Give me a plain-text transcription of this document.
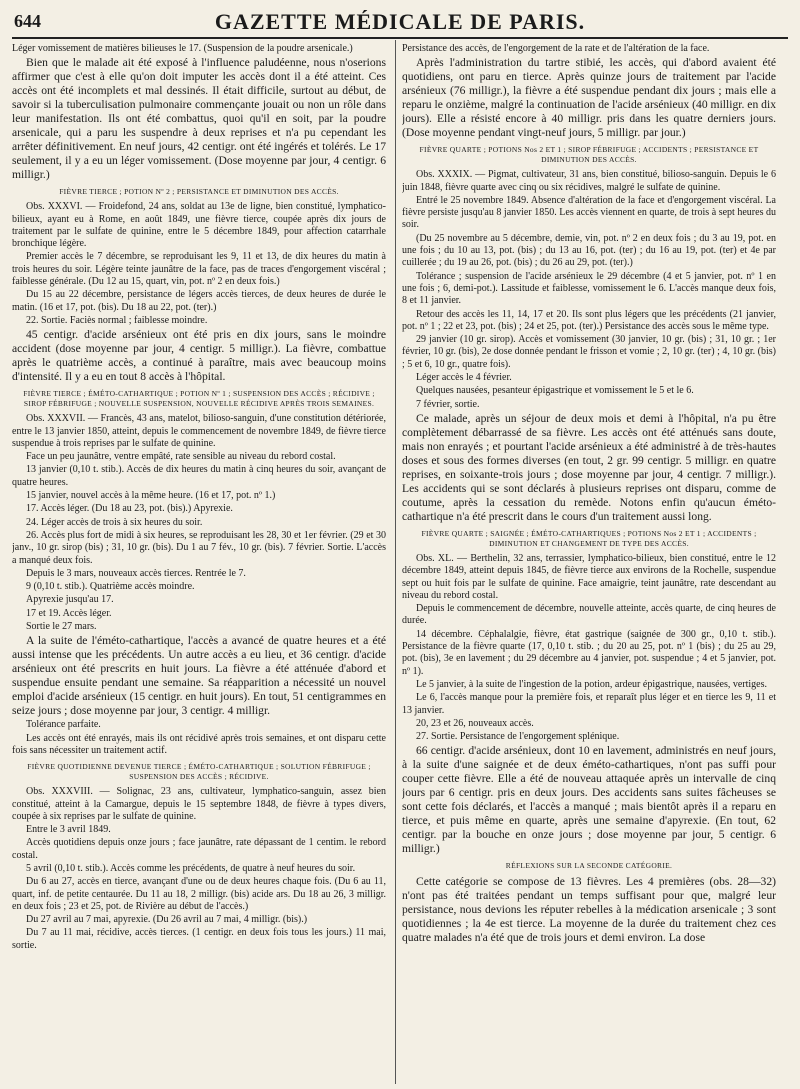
644	GAZETTE MÉDICALE DE PARIS.

Léger vomissement de matières bilieuses le 17. (Suspension de la poudre arsenicale.)

Bien que le malade ait été exposé à l'influence paludéenne, nous n'oserions affirmer que c'est à elle qu'on doit imputer les accès dont il a été atteint. Ces accès ont été incomplets et mal dessinés. Il était difficile, surtout au début, de savoir si la tuberculisation pulmonaire commençante jouait ou non un rôle dans leur manifestation. Ils ont été combattus, quoi qu'il en soit, par la poudre arsenicale, qui a paru les suspendre à deux reprises et n'a pu cependant les arrêter définitivement. En neuf jours, 42 centigr. ont été ingérés et tolérés. Le 17 seulement, il y a eu un léger vomissement. (Dose moyenne par jour, 4 centigr. 6 milligr.)

FIÈVRE TIERCE ; POTION Nº 2 ; PERSISTANCE ET DIMINUTION DES ACCÈS.

Obs. XXXVI. — Froidefond, 24 ans, soldat au 13e de ligne, bien constitué, lymphatico-bilieux, ayant eu à Rome, en août 1849, une fièvre tierce, coupée après dix jours de traitement par le sulfate de quinine, entre le 5 décembre 1849, pour affection catarrhale bronchique légère.

Premier accès le 7 décembre, se reproduisant les 9, 11 et 13, de dix heures du matin à trois heures du soir. Légère teinte jaunâtre de la face, pas de traces d'engorgement viscéral ; faiblesse générale. (Du 12 au 15, quart, vin, pot. nº 2 en deux fois.)

Du 15 au 22 décembre, persistance de légers accès tierces, de deux heures de durée le matin. (16 et 17, pot. (bis). Du 18 au 22, pot. (ter).)

22. Sortie. Faciès normal ; faiblesse moindre.

45 centigr. d'acide arsénieux ont été pris en dix jours, sans le moindre accident (dose moyenne par jour, 4 centigr. 5 milligr.). La fièvre, combattue après le quatrième accès, a continué à paraître, mais avec beaucoup moins d'intensité. Il y a eu en tout 8 accès à l'hôpital.

FIÈVRE TIERCE ; ÉMÉTO-CATHARTIQUE ; POTION Nº 1 ; SUSPENSION DES ACCÈS ; RÉCIDIVE ; SIROP FÉBRIFUGE ; NOUVELLE SUSPENSION, NOUVELLE RÉCIDIVE APRÈS TROIS SEMAINES.

Obs. XXXVII. — Francès, 43 ans, matelot, bilioso-sanguin, d'une constitution détériorée, entre le 13 janvier 1850, atteint, depuis le commencement de novembre 1849, de fièvre tierce suspendue à trois reprises par le sulfate de quinine.

Face un peu jaunâtre, ventre empâté, rate sensible au niveau du rebord costal.

13 janvier (0,10 t. stib.). Accès de dix heures du matin à cinq heures du soir, avançant de quatre heures.

15 janvier, nouvel accès à la même heure. (16 et 17, pot. nº 1.)

17. Accès léger. (Du 18 au 23, pot. (bis).) Apyrexie.

24. Léger accès de trois à six heures du soir.

26. Accès plus fort de midi à six heures, se reproduisant les 28, 30 et 1er février. (29 et 30 janv., 10 gr. sirop (bis) ; 31, 10 gr. (bis). Du 1 au 7 fév., 10 gr. (bis). 7 février. Sortie. L'accès a manqué deux fois.

Depuis le 3 mars, nouveaux accès tierces. Rentrée le 7.

9 (0,10 t. stib.). Quatrième accès moindre.

Apyrexie jusqu'au 17.

17 et 19. Accès léger.

Sortie le 27 mars.

A la suite de l'éméto-cathartique, l'accès a avancé de quatre heures et a été aussi intense que les précédents. Un autre accès a eu lieu, et 36 centigr. d'acide arsénieux ont été prescrits en huit jours. La fièvre a été atténuée d'abord et suspendue ensuite pendant une semaine. Sa réapparition a nécessité un nouvel emploi d'acide arsénieux (15 centigr. en huit jours). En tout, 51 centigrammes en seize jours ; dose moyenne par jour, 3 centigr. 4 milligr.

Tolérance parfaite.

Les accès ont été enrayés, mais ils ont récidivé après trois semaines, et ont disparu cette fois sans nécessiter un traitement actif.

FIÈVRE QUOTIDIENNE DEVENUE TIERCE ; ÉMÉTO-CATHARTIQUE ; SOLUTION FÉBRIFUGE ; SUSPENSION DES ACCÈS ; RÉCIDIVE.

Obs. XXXVIII. — Solignac, 23 ans, cultivateur, lymphatico-sanguin, assez bien constitué, atteint à la Camargue, depuis le 15 septembre 1848, de fièvre à types divers, coupée à six reprises par le sulfate de quinine.

Entre le 3 avril 1849.

Accès quotidiens depuis onze jours ; face jaunâtre, rate dépassant de 1 centim. le rebord costal.

5 avril (0,10 t. stib.). Accès comme les précédents, de quatre à neuf heures du soir.

Du 6 au 27, accès en tierce, avançant d'une ou de deux heures chaque fois. (Du 6 au 11, quart, inf. de petite centaurée. Du 11 au 18, 2 milligr. (bis) acide ars. Du 18 au 26, 3 milligr. en deux fois ; 23 et 25, pot. de Rivière au début de l'accès.)

Du 27 avril au 7 mai, apyrexie. (Du 26 avril au 7 mai, 4 milligr. (bis).)

Du 7 au 11 mai, récidive, accès tierces. (1 centigr. en deux fois tous les jours.) 11 mai, sortie.

Persistance des accès, de l'engorgement de la rate et de l'altération de la face.

Après l'administration du tartre stibié, les accès, qui d'abord avaient été quotidiens, ont paru en tierce. Après quinze jours de traitement par l'acide arsénieux (76 milligr.), la fièvre a été suspendue pendant dix jours ; mais elle a reparu le onzième, malgré la continuation de l'acide arsénieux (40 milligr. en dix jours). Elle a résisté encore à 40 milligr. pris dans les quatre derniers jours. (Dose moyenne pendant vingt-neuf jours, 5 milligr. par jour.)

FIÈVRE QUARTE ; POTIONS Nos 2 ET 1 ; SIROP FÉBRIFUGE ; ACCIDENTS ; PERSISTANCE ET DIMINUTION DES ACCÈS.

Obs. XXXIX. — Pigmat, cultivateur, 31 ans, bien constitué, bilioso-sanguin. Depuis le 6 juin 1848, fièvre quarte avec cinq ou six récidives, malgré le sulfate de quinine.

Entré le 25 novembre 1849. Absence d'altération de la face et d'engorgement viscéral. La fièvre persiste jusqu'au 8 janvier 1850. Les accès viennent en quarte, de trois à sept heures du soir.

(Du 25 novembre au 5 décembre, demie, vin, pot. nº 2 en deux fois ; du 3 au 19, pot. en une fois ; du 10 au 13, pot. (bis) ; du 13 au 16, pot. (ter) ; du 16 au 19, pot. (ter) et 4e par cuillerée ; du 19 au 26, pot. (bis) ; du 26 au 29, pot. (ter).)

Tolérance ; suspension de l'acide arsénieux le 29 décembre (4 et 5 janvier, pot. nº 1 en une fois ; 6, demi-pot.). Lassitude et faiblesse, vomissement le 6. L'accès manque deux fois, 8 et 11 janvier.

Retour des accès les 11, 14, 17 et 20. Ils sont plus légers que les précédents (21 janvier, pot. nº 1 ; 22 et 23, pot. (bis) ; 24 et 25, pot. (ter).) Persistance des accès sous le même type.

29 janvier (10 gr. sirop). Accès et vomissement (30 janvier, 10 gr. (bis) ; 31, 10 gr. ; 1er février, 10 gr. (bis), 2e dose donnée pendant le frisson et vomie ; 2, 10 gr. (ter) ; 4, 10 gr. (bis) ; 5 et 6, 10 gr., quatre fois).

Léger accès le 4 février.

Quelques nausées, pesanteur épigastrique et vomissement le 5 et le 6.

7 février, sortie.

Ce malade, après un séjour de deux mois et demi à l'hôpital, n'a pu être complètement débarrassé de sa fièvre. Les accès ont été atténués sans doute, mais non enrayés ; et pourtant l'acide arsénieux a été administré à de très-hautes doses et sous des formes diverses (en tout, 2 gr. 99 centigr. 5 milligr. en quatre reprises, en soixante-trois jours ; dose moyenne par jour, 4 centigr. 7 milligr.). Les accidents qui se sont déclarés à plusieurs reprises ont disparu, comme de coutume, après la cessation du remède. Notons enfin qu'aucun éméto-cathartique n'a été prescrit dans le cours d'un traitement aussi long.

FIÈVRE QUARTE ; SAIGNÉE ; ÉMÉTO-CATHARTIQUES ; POTIONS Nos 2 ET 1 ; ACCIDENTS ; DIMINUTION ET CHANGEMENT DE TYPE DES ACCÈS.

Obs. XL. — Berthelin, 32 ans, terrassier, lymphatico-bilieux, bien constitué, entre le 12 décembre 1849, atteint depuis 1845, de fièvre tierce aux environs de la Rochelle, suspendue sept ou huit fois par le sulfate de quinine. Face amaigrie, teint jaunâtre, rate descendant au niveau du rebord costal.

Depuis le commencement de décembre, nouvelle atteinte, accès quarte, de cinq heures de durée.

14 décembre. Céphalalgie, fièvre, état gastrique (saignée de 300 gr., 0,10 t. stib.). Persistance de la fièvre quarte (17, 0,10 t. stib. ; du 20 au 25, pot. nº 1 (bis) ; du 25 au 29, pot. (bis), 3e en lavement ; du 29 décembre au 4 janvier, pot. suspendue ; 4 et 5 janvier, pot. nº 1).

Le 5 janvier, à la suite de l'ingestion de la potion, ardeur épigastrique, nausées, vertiges.

Le 6, l'accès manque pour la première fois, et reparaît plus léger et en tierce les 9, 11 et 13 janvier.

20, 23 et 26, nouveaux accès.

27. Sortie. Persistance de l'engorgement splénique.

66 centigr. d'acide arsénieux, dont 10 en lavement, administrés en neuf jours, à la suite d'une saignée et de deux éméto-cathartiques, n'ont pas suffi pour couper cette fièvre. Elle a été de nouveau attaquée après un intervalle de cinq jours par 6 centigr. pris en deux jours. Des accidents sans suites fâcheuses se sont cette fois déclarés, et l'accès a manqué ; mais bientôt après il a reparu en tierce, et puis même en quarte, après une semaine d'apyrexie. (En tout, 62 centigr. par la bouche en onze jours ; dose moyenne par jour, 5 centigr. 6 milligr.)

RÉFLEXIONS SUR LA SECONDE CATÉGORIE.

Cette catégorie se compose de 13 fièvres. Les 4 premières (obs. 28—32) n'ont pas été traitées pendant un temps suffisant pour que, malgré leur persistance, nous devions les réputer rebelles à la médication arsenicale ; 3 sont quotidiennes ; la 4e est tierce. La moyenne de la durée du traitement chez ces quatre malades n'a été que de trois jours et demi environ. La dose
